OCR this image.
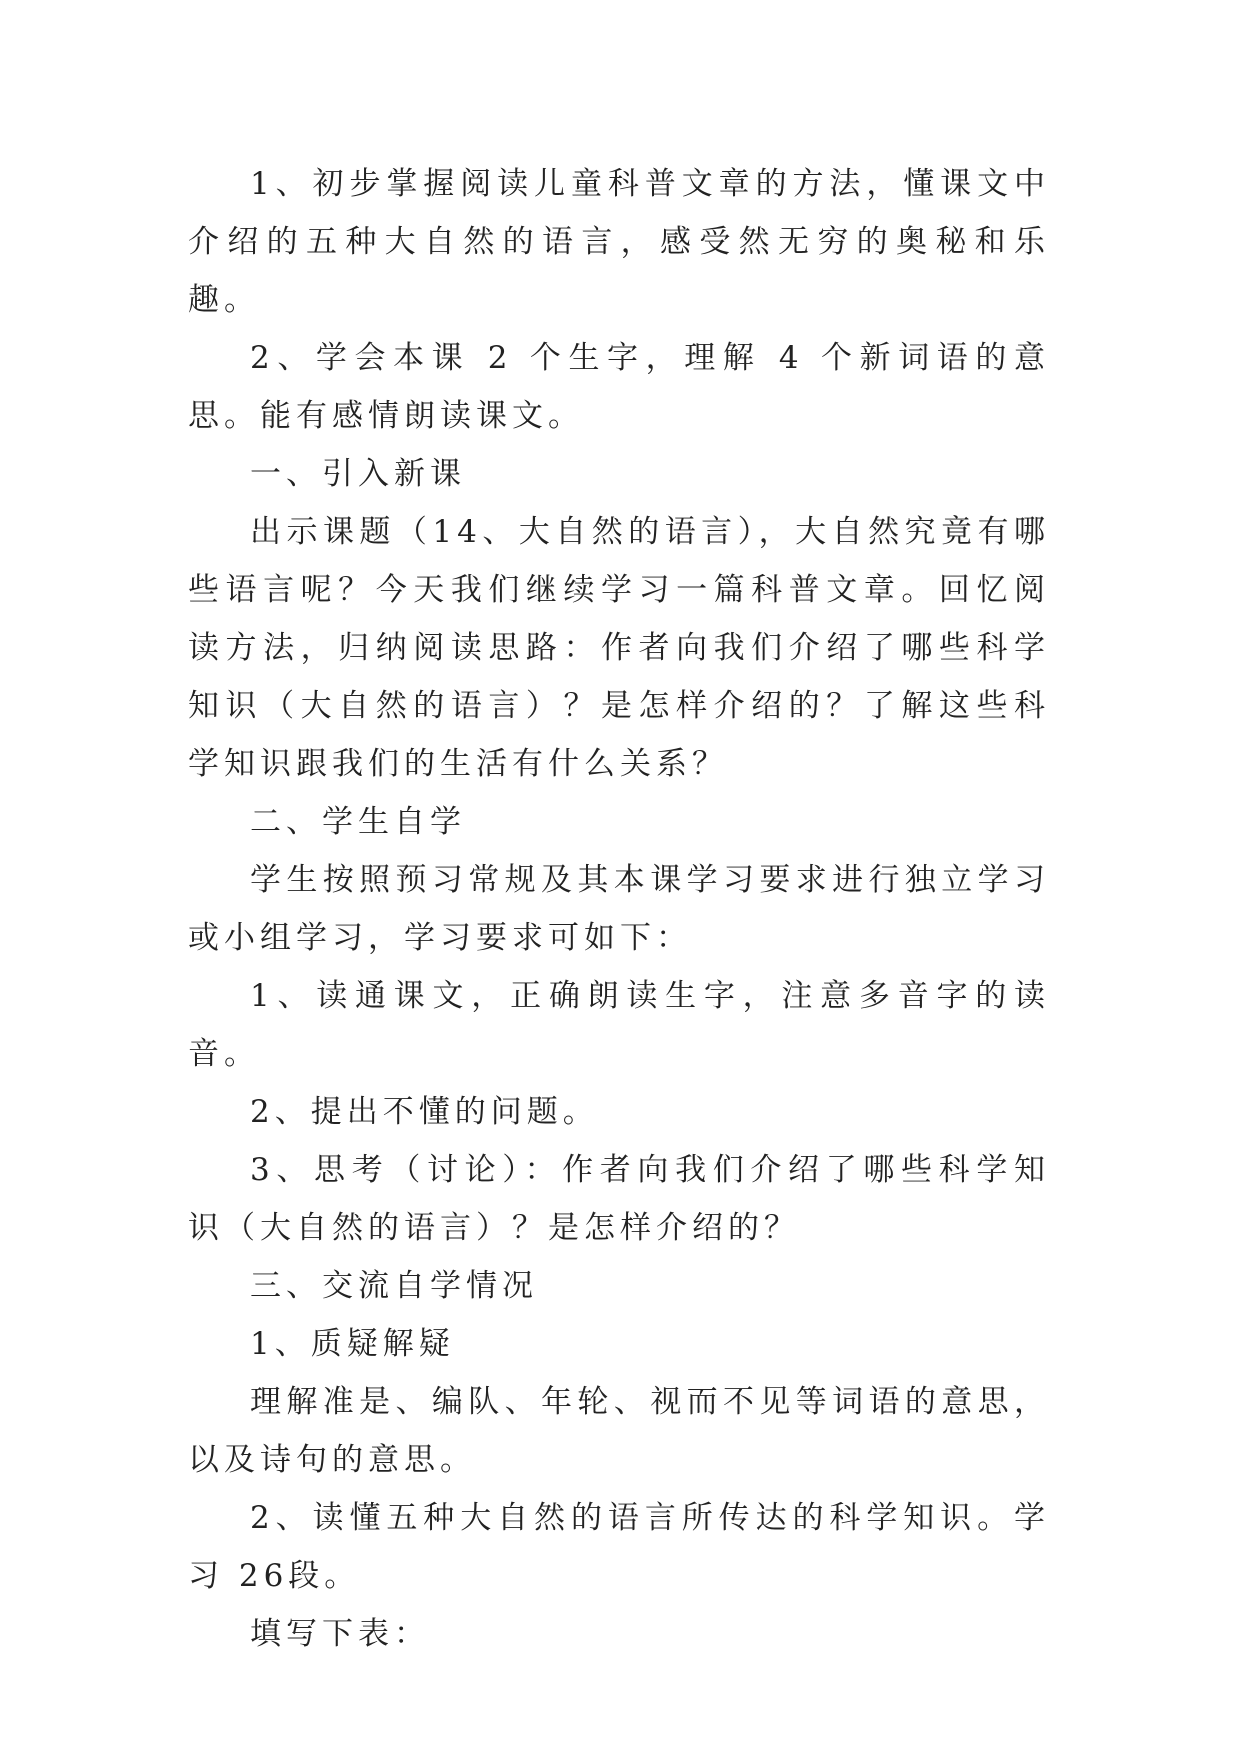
1、初步掌握阅读儿童科普文章的方法，懂课文中介绍的五种大自然的语言，感受然无穷的奥秘和乐趣。

2、学会本课 2 个生字，理解 4 个新词语的意思。能有感情朗读课文。

一、引入新课

出示课题（14、大自然的语言），大自然究竟有哪些语言呢？今天我们继续学习一篇科普文章。回忆阅读方法，归纳阅读思路：作者向我们介绍了哪些科学知识（大自然的语言）？是怎样介绍的？了解这些科学知识跟我们的生活有什么关系？

二、学生自学

学生按照预习常规及其本课学习要求进行独立学习或小组学习，学习要求可如下：

1、读通课文，正确朗读生字，注意多音字的读音。

2、提出不懂的问题。

3、思考（讨论）：作者向我们介绍了哪些科学知识（大自然的语言）？是怎样介绍的？

三、交流自学情况

1、质疑解疑

理解准是、编队、年轮、视而不见等词语的意思，以及诗句的意思。

2、读懂五种大自然的语言所传达的科学知识。学习 26段。

填写下表：
